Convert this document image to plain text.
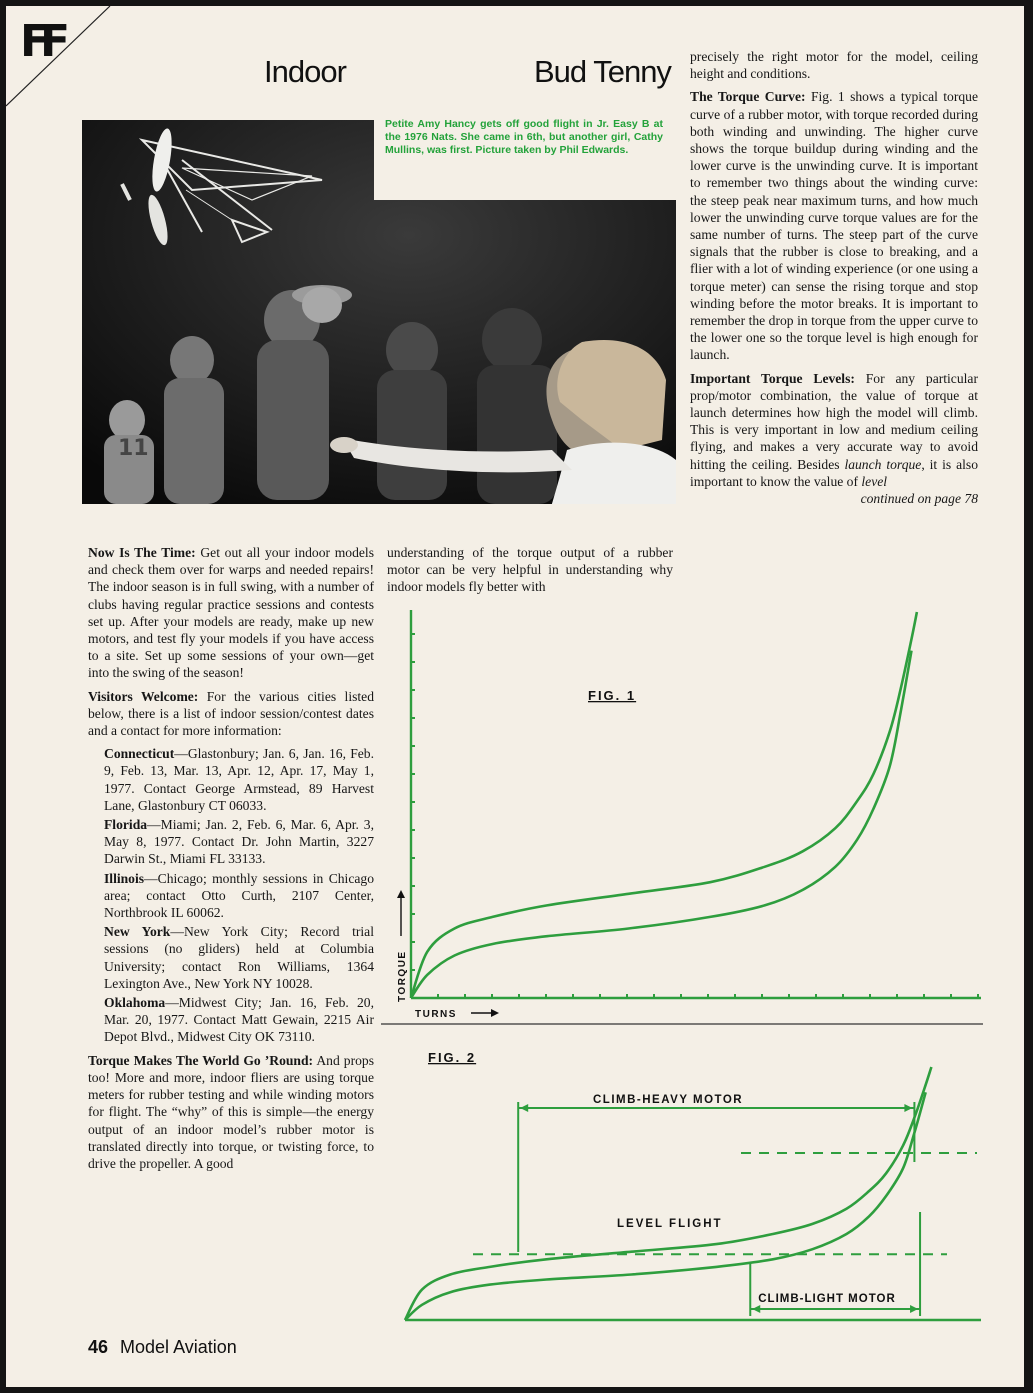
FF
Indoor	Bud Tenny
11
Petite Amy Hancy gets off good flight in Jr. Easy B at the 1976 Nats. She came in 6th, but another girl, Cathy Mullins, was first. Picture taken by Phil Edwards.

Now Is The Time: Get out all your indoor models and check them over for warps and needed repairs! The indoor season is in full swing, with a number of clubs having regular practice sessions and contests set up. After your models are ready, make up new motors, and test fly your models if you have access to a site. Set up some sessions of your own—get into the swing of the season!

Visitors Welcome: For the various cities listed below, there is a list of indoor session/contest dates and a contact for more information:

Connecticut—Glastonbury; Jan. 6, Jan. 16, Feb. 9, Feb. 13, Mar. 13, Apr. 12, Apr. 17, May 1, 1977. Contact George Armstead, 89 Harvest Lane, Glastonbury CT 06033.

Florida—Miami; Jan. 2, Feb. 6, Mar. 6, Apr. 3, May 8, 1977. Contact Dr. John Martin, 3227 Darwin St., Miami FL 33133.

Illinois—Chicago; monthly sessions in Chicago area; contact Otto Curth, 2107 Center, Northbrook IL 60062.

New York—New York City; Record trial sessions (no gliders) held at Columbia University; contact Ron Williams, 1364 Lexington Ave., New York NY 10028.

Oklahoma—Midwest City; Jan. 16, Feb. 20, Mar. 20, 1977. Contact Matt Gewain, 2215 Air Depot Blvd., Midwest City OK 73110.

Torque Makes The World Go ’Round: And props too! More and more, indoor fliers are using torque meters for rubber testing and while winding motors for flight. The “why” of this is simple—the energy output of an indoor model’s rubber motor is translated directly into torque, or twisting force, to drive the propeller. A good

understanding of the torque output of a rubber motor can be very helpful in understanding why indoor models fly better with

precisely the right motor for the model, ceiling height and conditions.

The Torque Curve: Fig. 1 shows a typical torque curve of a rubber motor, with torque recorded during both winding and unwinding. The higher curve shows the torque buildup during winding and the lower curve is the unwinding curve. It is important to remember two things about the winding curve: the steep peak near maximum turns, and how much lower the unwinding curve torque values are for the same number of turns. The steep part of the curve signals that the rubber is close to breaking, and a flier with a lot of winding experience (or one using a torque meter) can sense the rising torque and stop winding before the motor breaks. It is important to remember the drop in torque from the upper curve to the lower one so the torque level is high enough for launch.

Important Torque Levels: For any particular prop/motor combination, the value of torque at launch determines how high the model will climb. This is very important in low and medium ceiling flying, and makes a very accurate way to avoid hitting the ceiling. Besides launch torque, it is also important to know the value of level

continued on page 78

FIG. 1
TORQUE
TURNS
FIG. 2
CLIMB-HEAVY MOTOR
LEVEL FLIGHT
CLIMB-LIGHT MOTOR
46 Model Aviation
